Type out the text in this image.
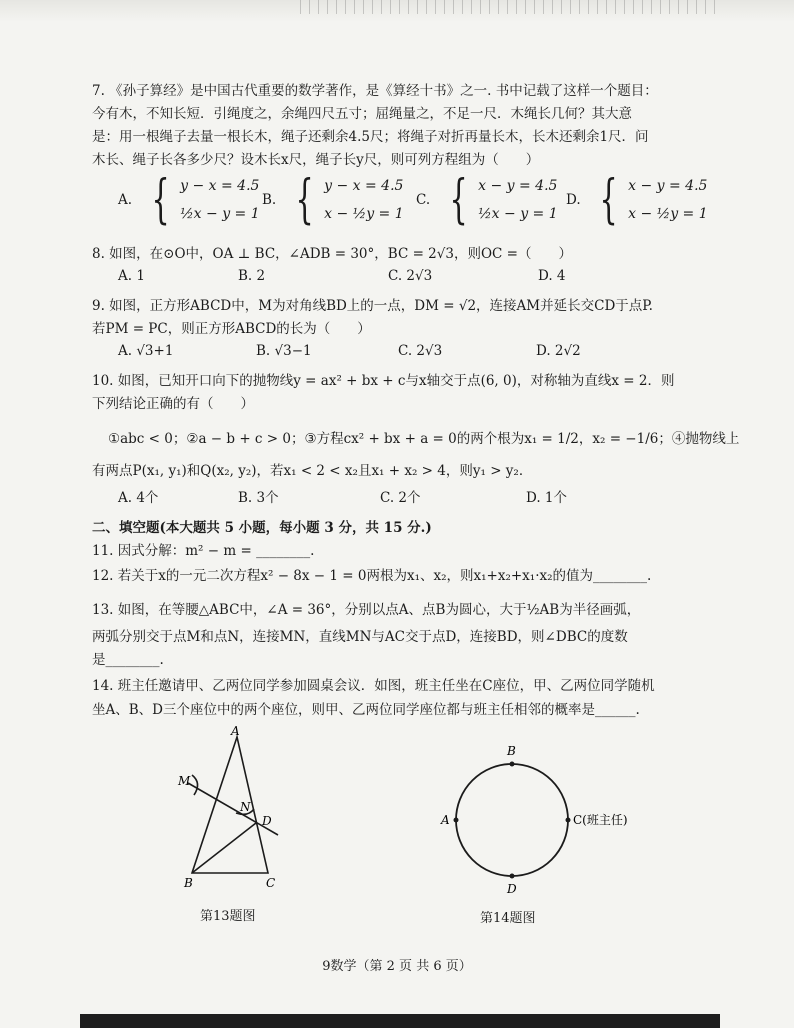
7. 《孙子算经》是中国古代重要的数学著作，是《算经十书》之一. 书中记载了这样一个题目：
今有木，不知长短．引绳度之，余绳四尺五寸；屈绳量之，不足一尺．木绳长几何？其大意
是：用一根绳子去量一根长木，绳子还剩余4.5尺；将绳子对折再量长木，长木还剩余1尺．问
木长、绳子长各多少尺？设木长x尺，绳子长y尺，则可列方程组为（　　）
A. { y − x = 4.5
½x − y = 1
B. { y − x = 4.5
x − ½y = 1
C. { x − y = 4.5
½x − y = 1
D. { x − y = 4.5
x − ½y = 1
8. 如图，在⊙O中，OA ⊥ BC，∠ADB = 30°，BC = 2√3，则OC =（　　）
A. 1	B. 2	C. 2√3	D. 4
9. 如图，正方形ABCD中，M为对角线BD上的一点，DM = √2，连接AM并延长交CD于点P.
若PM = PC，则正方形ABCD的长为（　　）
A. √3+1	B. √3−1	C. 2√3	D. 2√2
10. 如图，已知开口向下的抛物线y = ax² + bx + c与x轴交于点(6, 0)，对称轴为直线x = 2．则
下列结论正确的有（　　）
①abc < 0；②a − b + c > 0；③方程cx² + bx + a = 0的两个根为x₁ = 1/2，x₂ = −1/6；④抛物线上
有两点P(x₁, y₁)和Q(x₂, y₂)，若x₁ < 2 < x₂且x₁ + x₂ > 4，则y₁ > y₂．
A. 4个	B. 3个	C. 2个	D. 1个
二、填空题(本大题共 5 小题，每小题 3 分，共 15 分.)
11. 因式分解：m² − m = ________.
12. 若关于x的一元二次方程x² − 8x − 1 = 0两根为x₁、x₂，则x₁+x₂+x₁·x₂的值为________.
13. 如图，在等腰△ABC中，∠A = 36°，分别以点A、点B为圆心，大于½AB为半径画弧，
两弧分别交于点M和点N，连接MN，直线MN与AC交于点D，连接BD，则∠DBC的度数
是________.
14. 班主任邀请甲、乙两位同学参加圆桌会议．如图，班主任坐在C座位，甲、乙两位同学随机
坐A、B、D三个座位中的两个座位，则甲、乙两位同学座位都与班主任相邻的概率是______.
A
B	C
D
M
N
第13题图
B
D
A	C(班主任)
第14题图
9数学（第 2 页 共 6 页）
